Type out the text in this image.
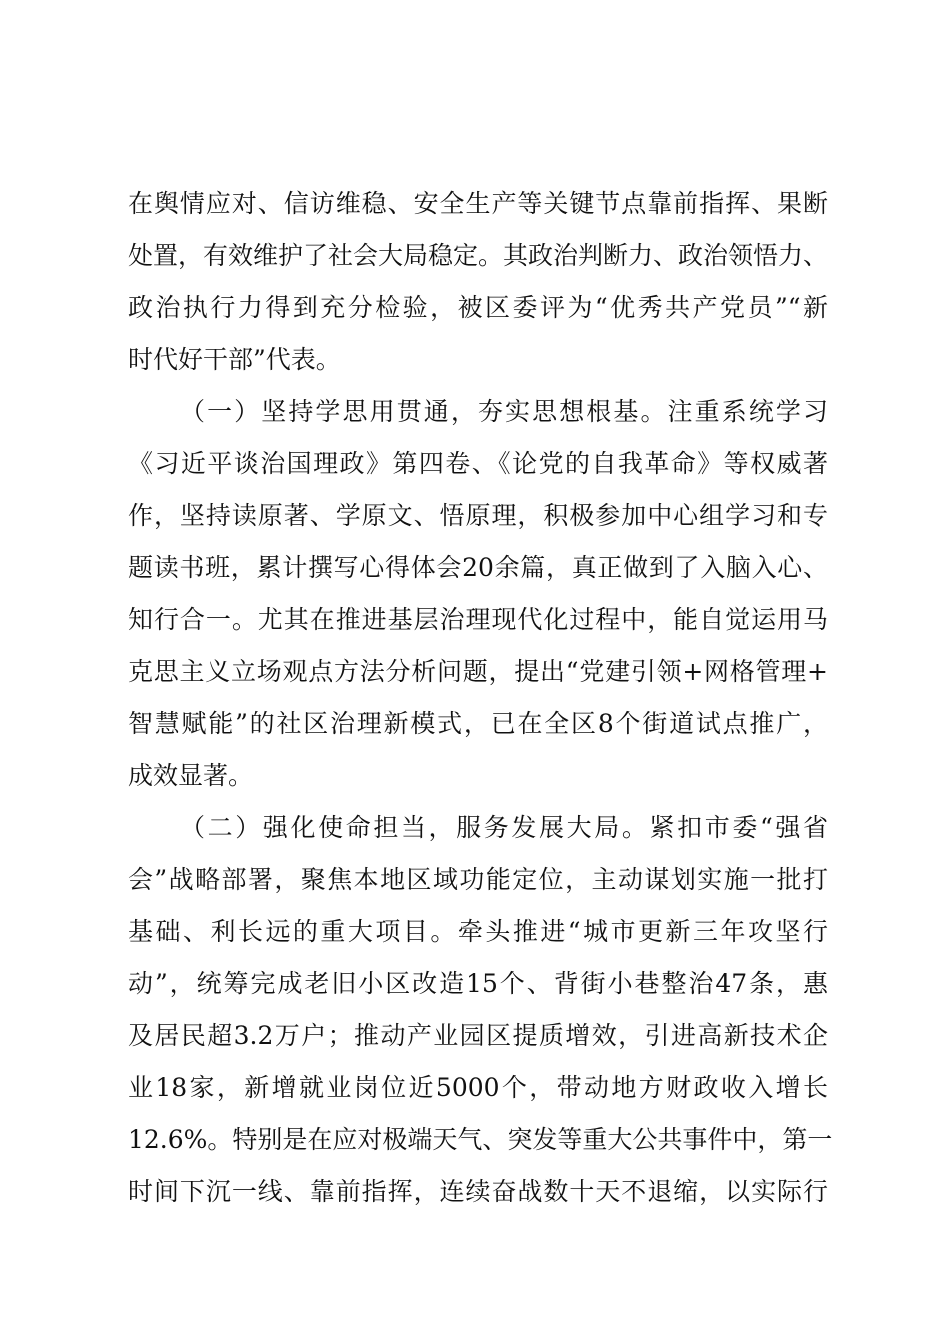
在舆情应对、信访维稳、安全生产等关键节点靠前指挥、果断
处置，有效维护了社会大局稳定。其政治判断力、政治领悟力、
政治执行力得到充分检验，被区委评为“优秀共产党员”“新
时代好干部”代表。
（一）坚持学思用贯通，夯实思想根基。注重系统学习
《习近平谈治国理政》第四卷、《论党的自我革命》等权威著
作，坚持读原著、学原文、悟原理，积极参加中心组学习和专
题读书班，累计撰写心得体会20余篇，真正做到了入脑入心、
知行合一。尤其在推进基层治理现代化过程中，能自觉运用马
克思主义立场观点方法分析问题，提出“党建引领+网格管理+
智慧赋能”的社区治理新模式，已在全区8个街道试点推广，
成效显著。
（二）强化使命担当，服务发展大局。紧扣市委“强省
会”战略部署，聚焦本地区域功能定位，主动谋划实施一批打
基础、利长远的重大项目。牵头推进“城市更新三年攻坚行
动”，统筹完成老旧小区改造15个、背街小巷整治47条，惠
及居民超3.2万户；推动产业园区提质增效，引进高新技术企
业18家，新增就业岗位近5000个，带动地方财政收入增长
12.6%。特别是在应对极端天气、突发等重大公共事件中，第一
时间下沉一线、靠前指挥，连续奋战数十天不退缩，以实际行
